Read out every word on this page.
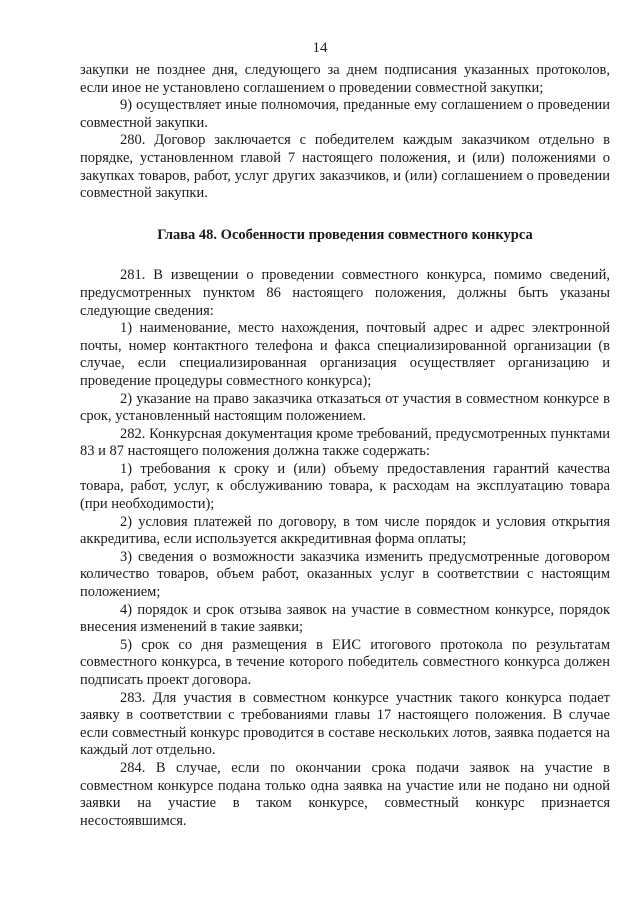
14

закупки не позднее дня, следующего за днем подписания указанных протоколов, если иное не установлено соглашением о проведении совместной закупки;

9) осуществляет иные полномочия, преданные ему соглашением о проведении совместной закупки.

280. Договор заключается с победителем каждым заказчиком отдельно в порядке, установленном главой 7 настоящего положения, и (или) положениями о закупках товаров, работ, услуг других заказчиков, и (или) соглашением о проведении совместной закупки.

Глава 48. Особенности проведения совместного конкурса

281. В извещении о проведении совместного конкурса, помимо сведений, предусмотренных пунктом 86 настоящего положения, должны быть указаны следующие сведения:

1) наименование, место нахождения, почтовый адрес и адрес электронной почты, номер контактного телефона и факса специализированной организации (в случае, если специализированная организация осуществляет организацию и проведение процедуры совместного конкурса);

2) указание на право заказчика отказаться от участия в совместном конкурсе в срок, установленный настоящим положением.

282. Конкурсная документация кроме требований, предусмотренных пунктами 83 и 87 настоящего положения должна также содержать:

1) требования к сроку и (или) объему предоставления гарантий качества товара, работ, услуг, к обслуживанию товара, к расходам на эксплуатацию товара (при необходимости);

2) условия платежей по договору, в том числе порядок и условия открытия аккредитива, если используется аккредитивная форма оплаты;

3) сведения о возможности заказчика изменить предусмотренные договором количество товаров, объем работ, оказанных услуг в соответствии с настоящим положением;

4) порядок и срок отзыва заявок на участие в совместном конкурсе, порядок внесения изменений в такие заявки;

5) срок со дня размещения в ЕИС итогового протокола по результатам совместного конкурса, в течение которого победитель совместного конкурса должен подписать проект договора.

283. Для участия в совместном конкурсе участник такого конкурса подает заявку в соответствии с требованиями главы 17 настоящего положения. В случае если совместный конкурс проводится в составе нескольких лотов, заявка подается на каждый лот отдельно.

284. В случае, если по окончании срока подачи заявок на участие в совместном конкурсе подана только одна заявка на участие или не подано ни одной заявки на участие в таком конкурсе, совместный конкурс признается несостоявшимся.
